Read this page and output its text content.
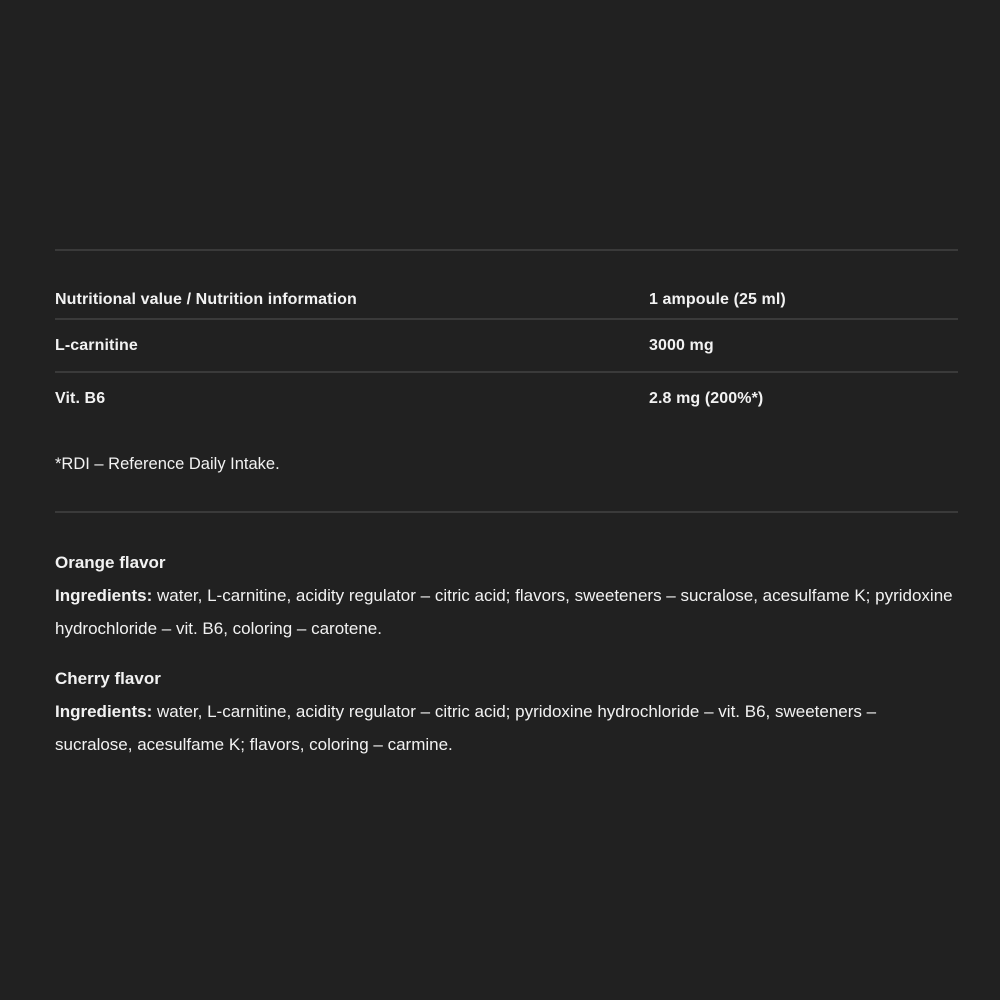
Nutritional value / Nutrition information	1 ampoule (25 ml)
L-carnitine	3000 mg
Vit. B6	2.8 mg (200%*)
*RDI – Reference Daily Intake.
Orange flavor

Ingredients: water, L-carnitine, acidity regulator – citric acid; flavors, sweeteners – sucralose, acesulfame K; pyridoxine hydrochloride – vit. B6, coloring – carotene.

Cherry flavor

Ingredients: water, L-carnitine, acidity regulator – citric acid; pyridoxine hydrochloride – vit. B6, sweeteners – sucralose, acesulfame K; flavors, coloring – carmine.
